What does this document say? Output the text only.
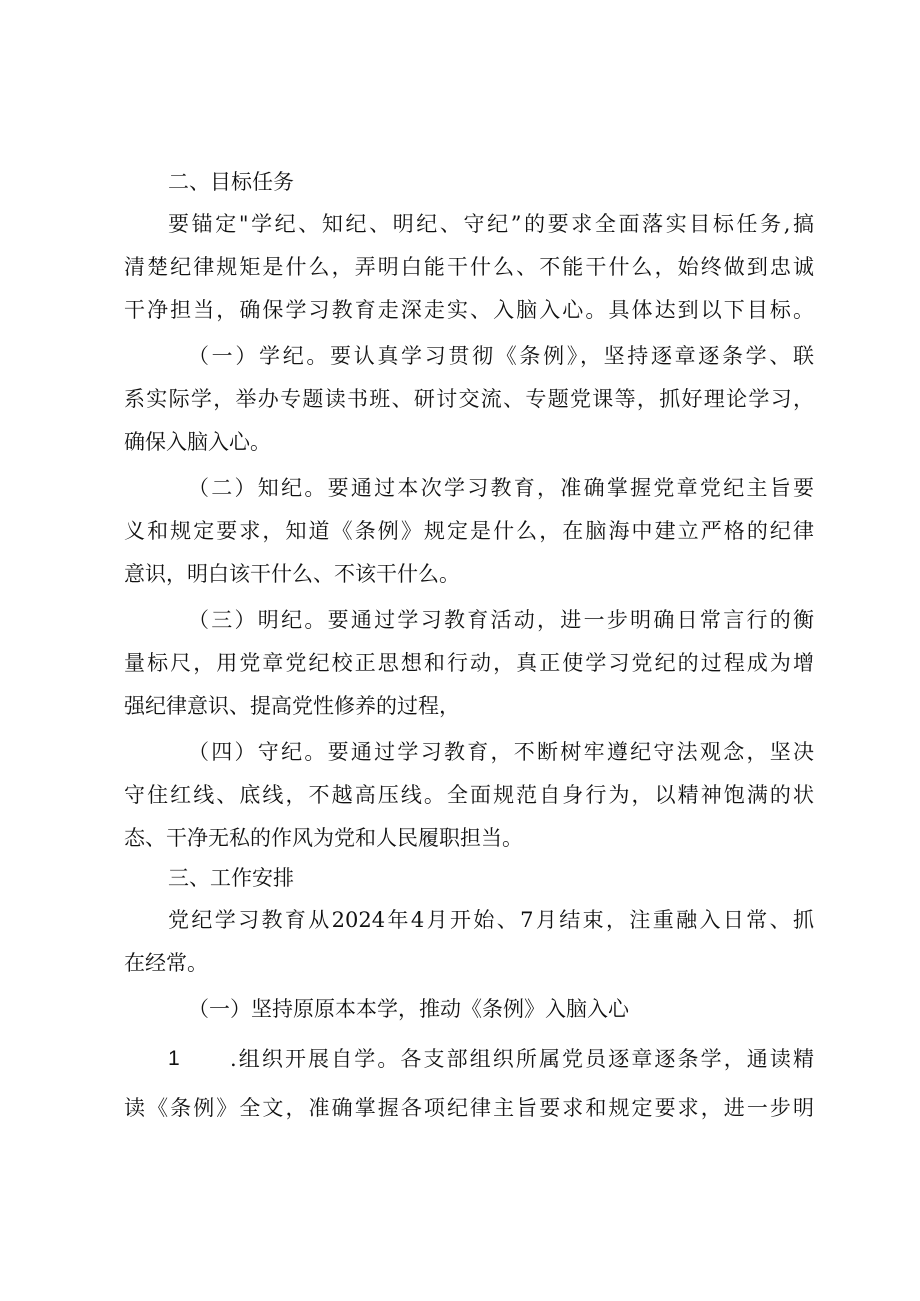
二、目标任务
要锚定"学纪、知纪、明纪、守纪”的要求全面落实目标任务,搞
清楚纪律规矩是什么，弄明白能干什么、不能干什么，始终做到忠诚
干净担当，确保学习教育走深走实、入脑入心。具体达到以下目标。
（一）学纪。要认真学习贯彻《条例》，坚持逐章逐条学、联
系实际学，举办专题读书班、研讨交流、专题党课等，抓好理论学习，
确保入脑入心。
（二）知纪。要通过本次学习教育，准确掌握党章党纪主旨要
义和规定要求，知道《条例》规定是什么，在脑海中建立严格的纪律
意识，明白该干什么、不该干什么。
（三）明纪。要通过学习教育活动，进一步明确日常言行的衡
量标尺，用党章党纪校正思想和行动，真正使学习党纪的过程成为增
强纪律意识、提高党性修养的过程，
（四）守纪。要通过学习教育，不断树牢遵纪守法观念，坚决
守住红线、底线，不越高压线。全面规范自身行为，以精神饱满的状
态、干净无私的作风为党和人民履职担当。
三、工作安排
党纪学习教育从2024年4月开始、7月结束，注重融入日常、抓
在经常。
（一）坚持原原本本学，推动《条例》入脑入心
1	.组织开展自学。各支部组织所属党员逐章逐条学，通读精
读《条例》全文，准确掌握各项纪律主旨要求和规定要求，进一步明
